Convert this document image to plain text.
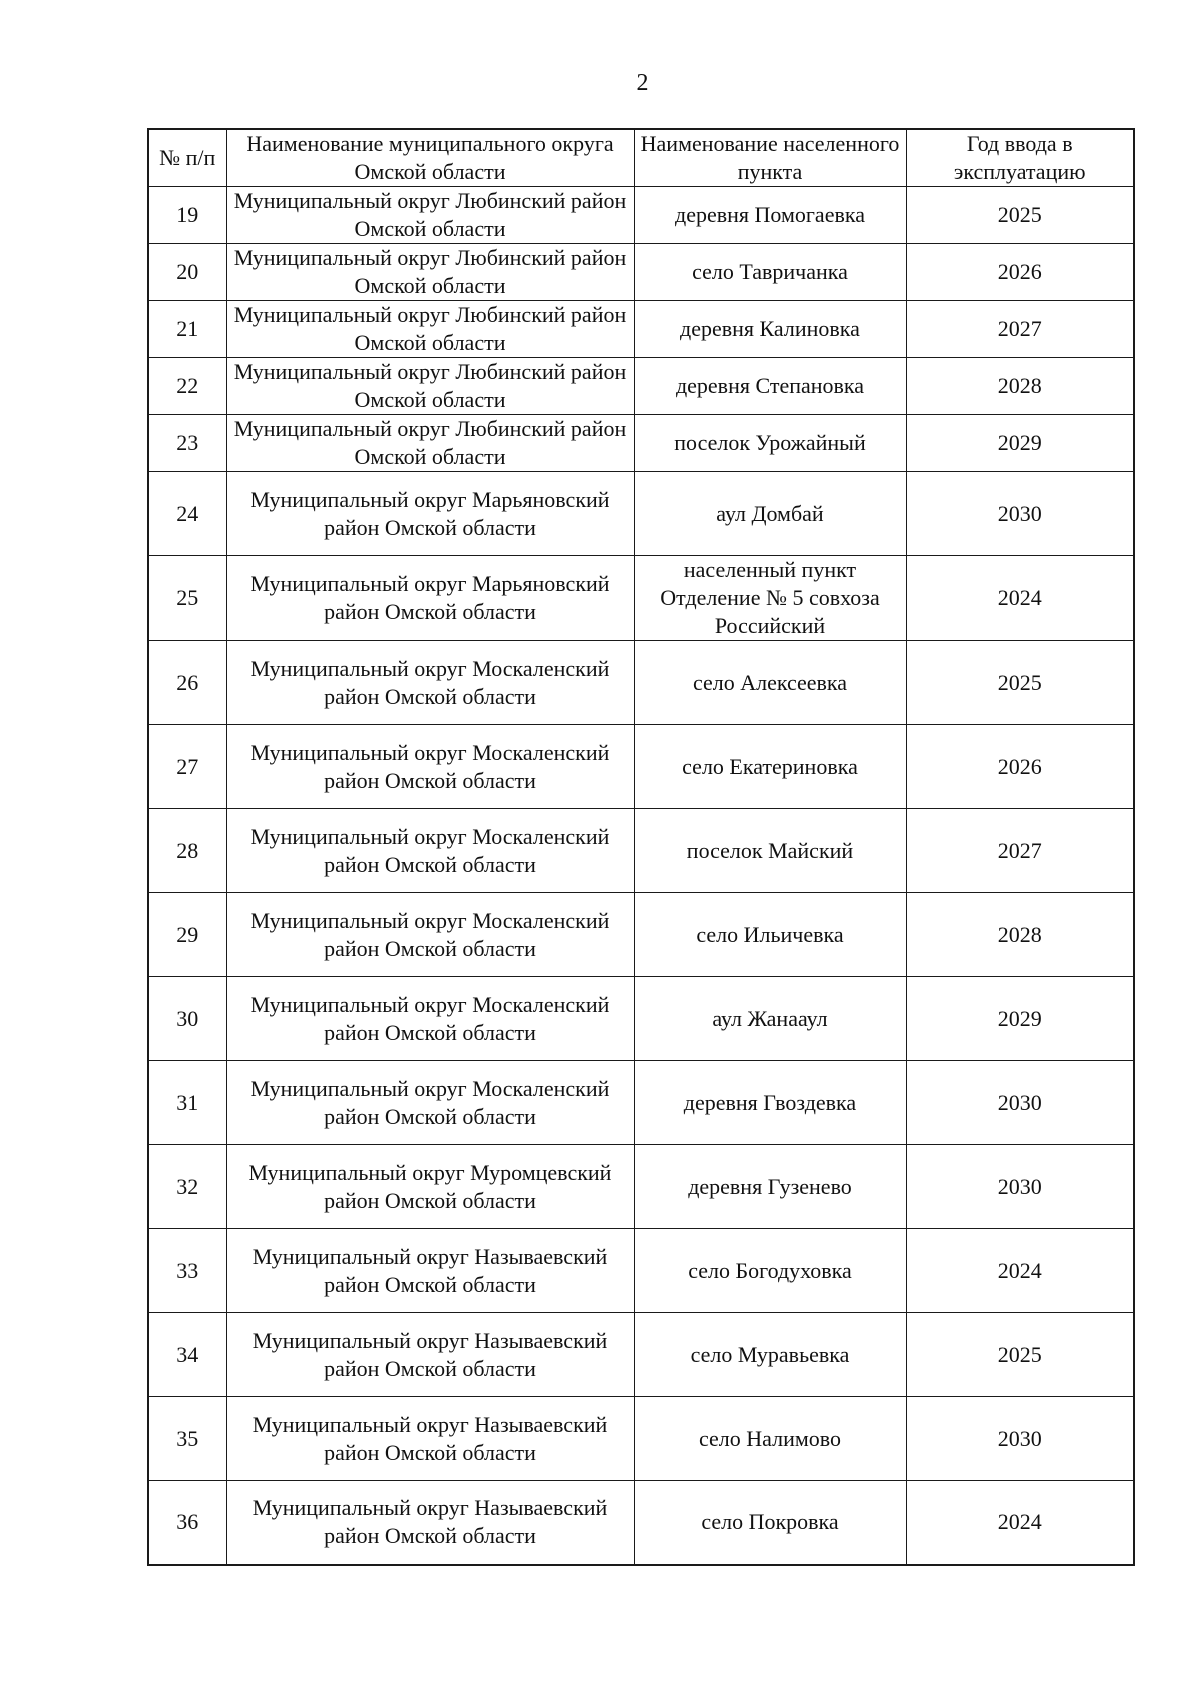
2
№ п/п	Наименование муниципального округа Омской области	Наименование населенного пункта	Год ввода в эксплуатацию
19	Муниципальный округ Любинский район Омской области	деревня Помогаевка	2025
20	Муниципальный округ Любинский район Омской области	село Тавричанка	2026
21	Муниципальный округ Любинский район Омской области	деревня Калиновка	2027
22	Муниципальный округ Любинский район Омской области	деревня Степановка	2028
23	Муниципальный округ Любинский район Омской области	поселок Урожайный	2029
24	Муниципальный округ Марьяновский район Омской области	аул Домбай	2030
25	Муниципальный округ Марьяновский район Омской области	населенный пункт Отделение № 5 совхоза Российский	2024
26	Муниципальный округ Москаленский район Омской области	село Алексеевка	2025
27	Муниципальный округ Москаленский район Омской области	село Екатериновка	2026
28	Муниципальный округ Москаленский район Омской области	поселок Майский	2027
29	Муниципальный округ Москаленский район Омской области	село Ильичевка	2028
30	Муниципальный округ Москаленский район Омской области	аул Жанааул	2029
31	Муниципальный округ Москаленский район Омской области	деревня Гвоздевка	2030
32	Муниципальный округ Муромцевский район Омской области	деревня Гузенево	2030
33	Муниципальный округ Называевский район Омской области	село Богодуховка	2024
34	Муниципальный округ Называевский район Омской области	село Муравьевка	2025
35	Муниципальный округ Называевский район Омской области	село Налимово	2030
36	Муниципальный округ Называевский район Омской области	село Покровка	2024
